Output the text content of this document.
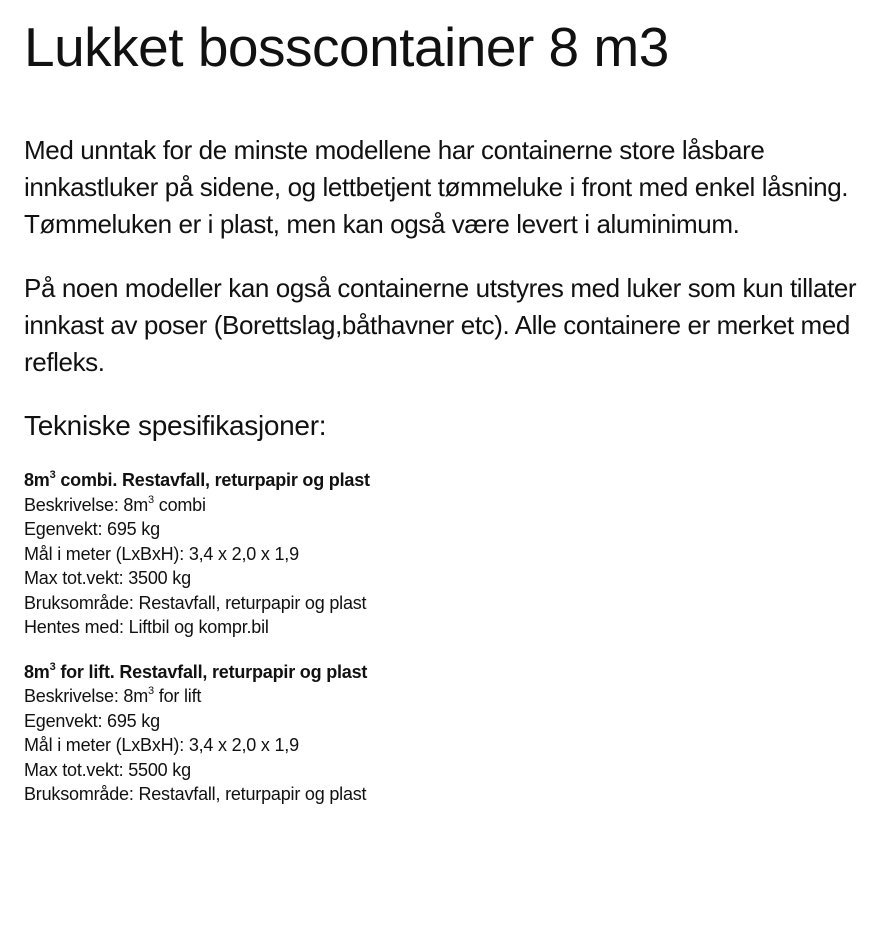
Lukket bosscontainer 8 m3

Med unntak for de minste modellene har containerne store låsbare innkastluker på sidene, og lettbetjent tømmeluke i front med enkel låsning. Tømmeluken er i plast, men kan også være levert i aluminimum.

På noen modeller kan også containerne utstyres med luker som kun tillater innkast av poser (Borettslag,båthavner etc). Alle containere er merket med refleks.

Tekniske spesifikasjoner:
$8m^3$ combi. Restavfall, returpapir og plast
Beskrivelse: $8m^3$ combi
Egenvekt: 695 kg
Mål i meter (LxBxH): 3,4 x 2,0 x 1,9
Max tot.vekt: 3500 kg
Bruksområde: Restavfall, returpapir og plast
Hentes med: Liftbil og kompr.bil
$8m^3$ for lift. Restavfall, returpapir og plast
Beskrivelse: $8m^3$ for lift
Egenvekt: 695 kg
Mål i meter (LxBxH): 3,4 x 2,0 x 1,9
Max tot.vekt: 5500 kg
Bruksområde: Restavfall, returpapir og plast
